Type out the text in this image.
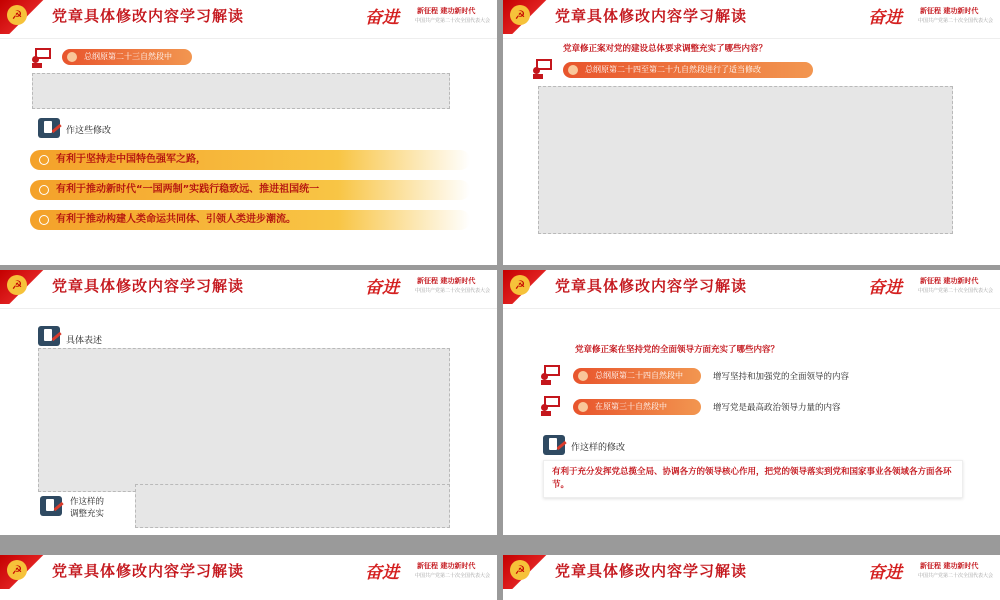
☭	党章具体修改内容学习解读	奋进	新征程 建功新时代
中国共产党第二十次全国代表大会
总纲原第二十三自然段中
作这些修改
有利于坚持走中国特色强军之路，
有利于推动新时代“一国两制”实践行稳致远、推进祖国统一
有利于推动构建人类命运共同体、引领人类进步潮流。
☭	党章具体修改内容学习解读	奋进	新征程 建功新时代
中国共产党第二十次全国代表大会
党章修正案对党的建设总体要求调整充实了哪些内容？
总纲原第二十四至第二十九自然段进行了适当修改
☭	党章具体修改内容学习解读	奋进	新征程 建功新时代
中国共产党第二十次全国代表大会
具体表述
作这样的
调整充实
☭	党章具体修改内容学习解读	奋进	新征程 建功新时代
中国共产党第二十次全国代表大会
党章修正案在坚持党的全面领导方面充实了哪些内容？
总纲原第二十四自然段中	增写坚持和加强党的全面领导的内容
在原第三十自然段中	增写党是最高政治领导力量的内容
作这样的修改
有利于充分发挥党总揽全局、协调各方的领导核心作用，把党的领导落实到党和国家事业各领域各方面各环节。
☭	党章具体修改内容学习解读	奋进	新征程 建功新时代
中国共产党第二十次全国代表大会	☭	党章具体修改内容学习解读	奋进	新征程 建功新时代
中国共产党第二十次全国代表大会
